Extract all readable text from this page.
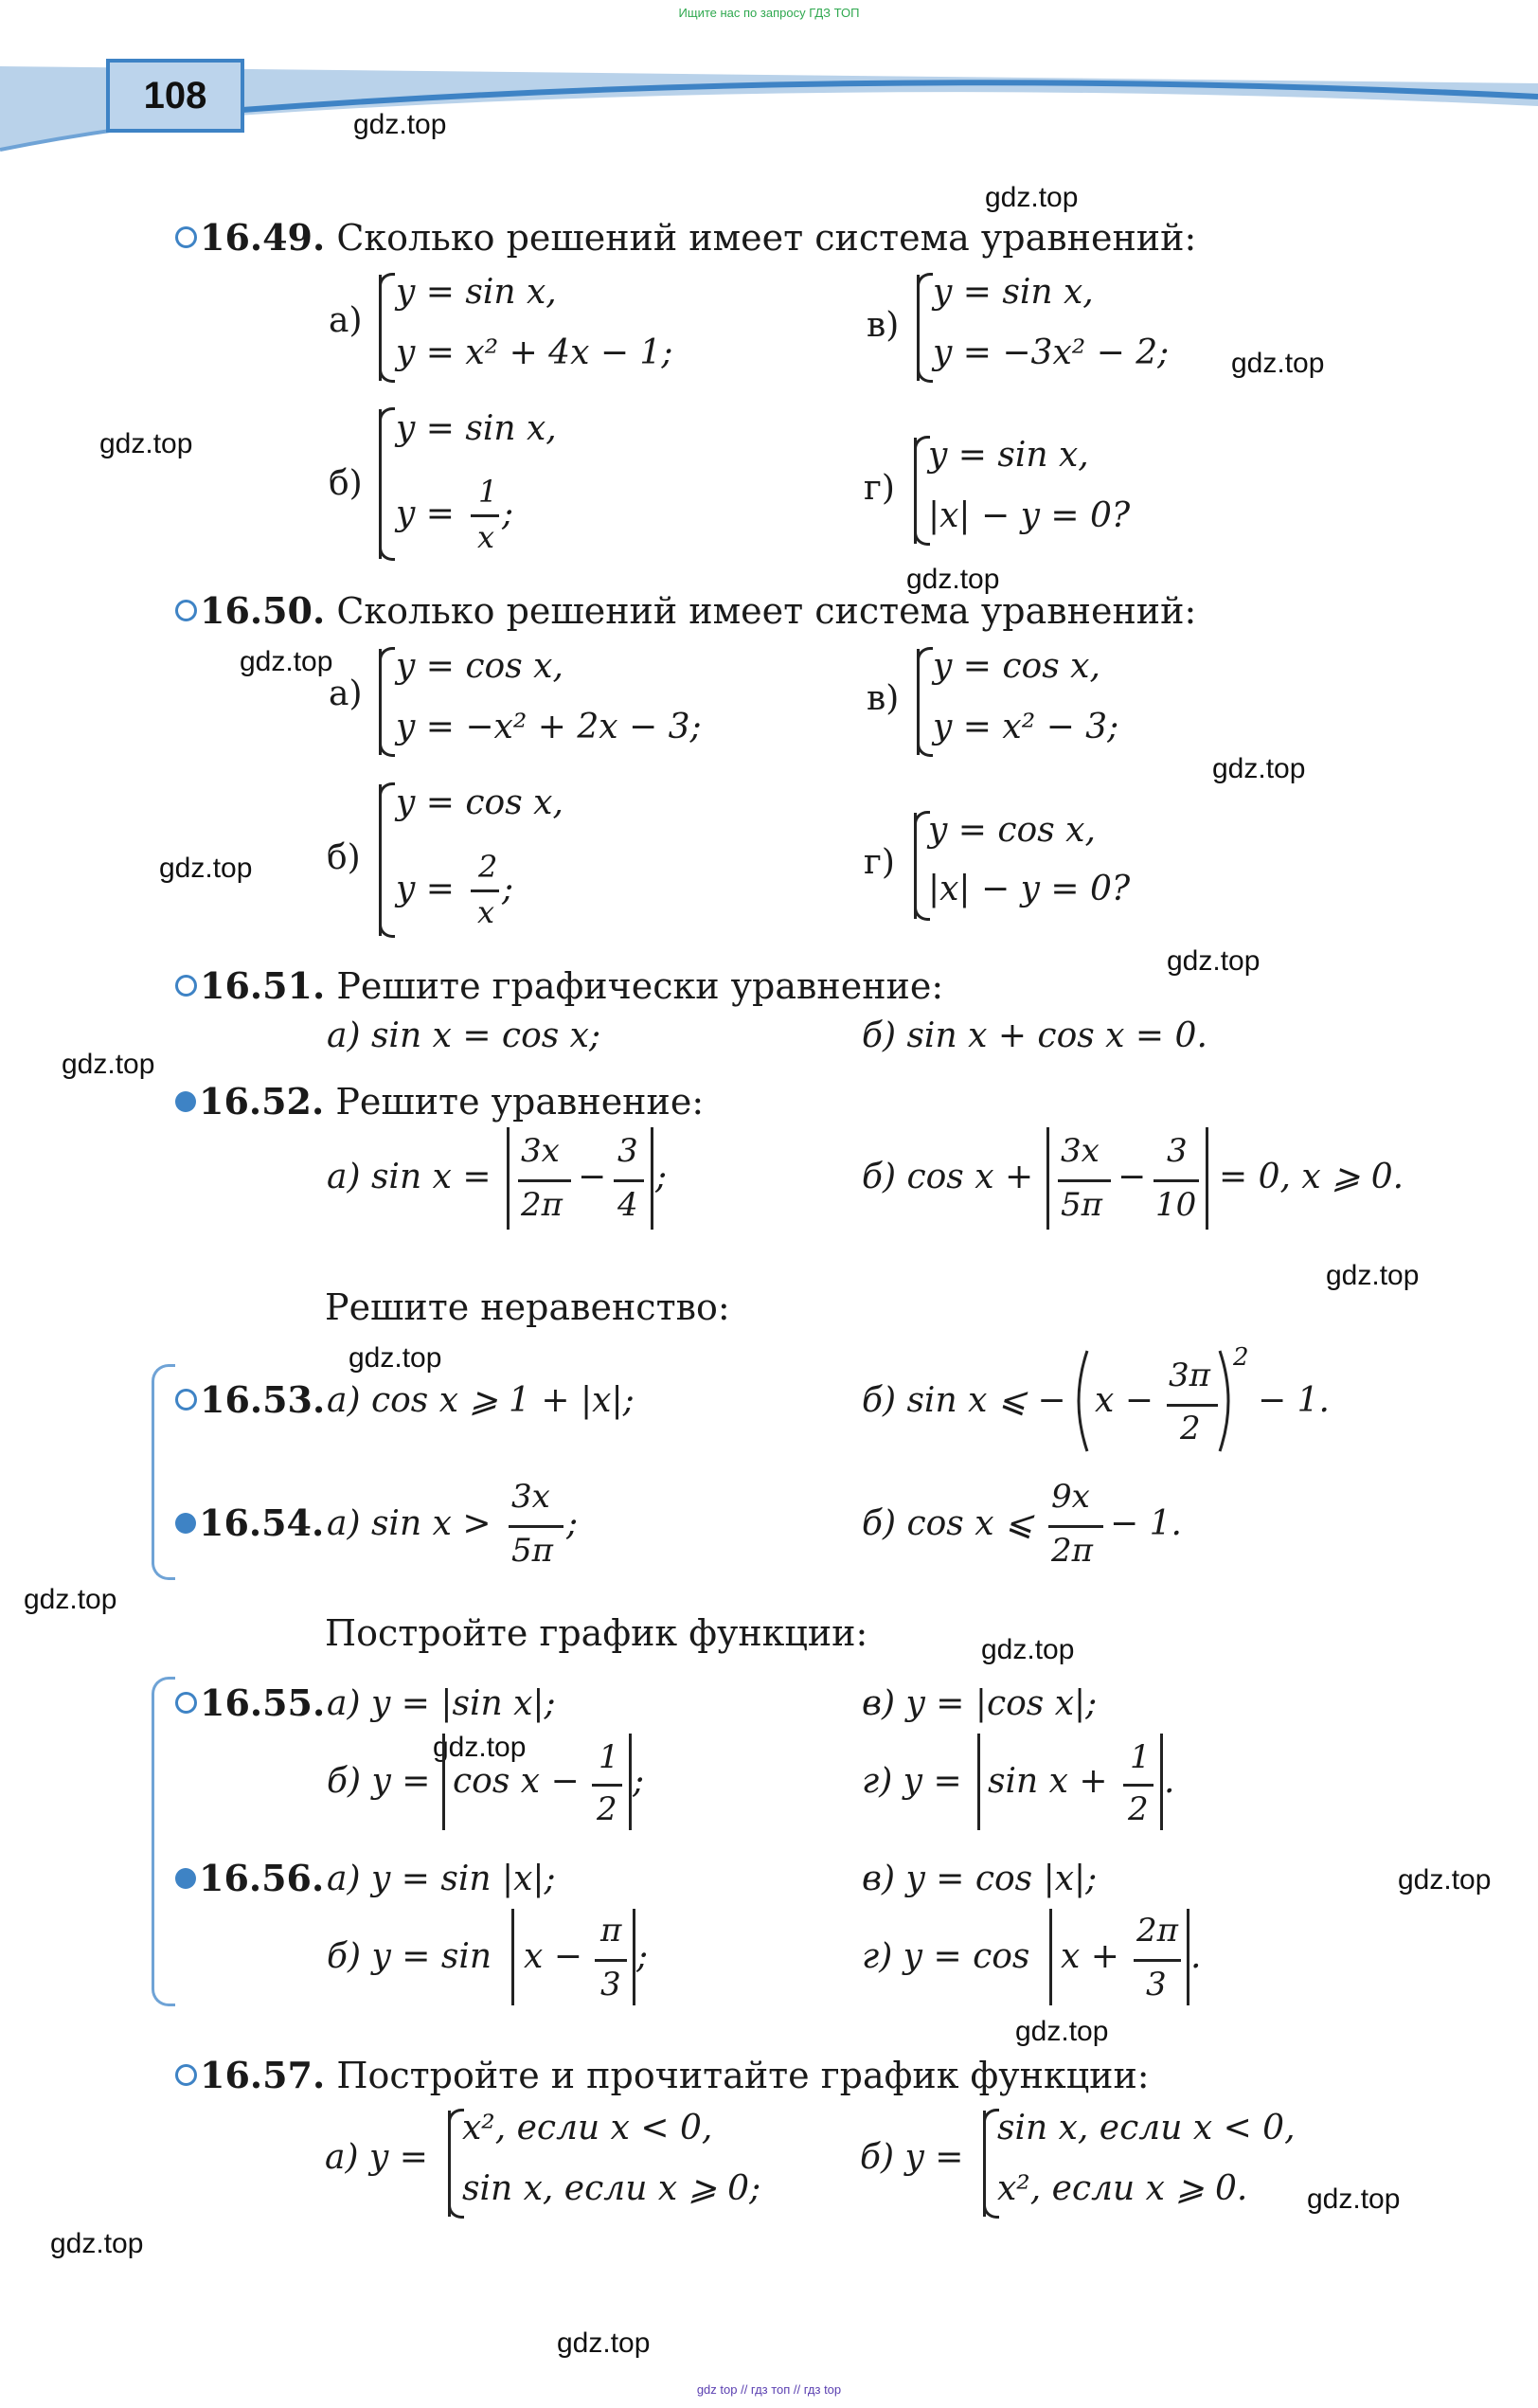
Ищите нас по запросу ГДЗ ТОП
108
gdz.top
gdz.top
gdz.top
gdz.top
gdz.top
gdz.top
gdz.top
gdz.top
gdz.top
gdz.top
gdz.top
gdz.top
gdz.top
gdz.top
gdz.top
gdz.top
gdz.top
gdz.top
gdz.top
gdz.top
16.49. Сколько решений имеет система уравнений:
а)
y = sin x,
y = x² + 4x − 1;
в)
y = sin x,
y = −3x² − 2;
б)
y = sin x,
y =
1
x
;
г)
y = sin x,
|x| − y = 0?
16.50. Сколько решений имеет система уравнений:
а)
y = cos x,
y = −x² + 2x − 3;
в)
y = cos x,
y = x² − 3;
б)
y = cos x,
y =
2
x
;
г)
y = cos x,
|x| − y = 0?
16.51. Решите графически уравнение:
а) sin x = cos x;	б) sin x + cos x = 0.
16.52. Решите уравнение:
а) sin x =
3x
2π
−
3
4
;	б) cos x +
3x
5π
−
3
10
= 0, x ⩾ 0.
Решите неравенство:
16.53. а) cos x ⩾ 1 + |x|;	б) sin x ⩽ − x −
3π
2
2
− 1.
16.54. а) sin x >
3x
5π
;	б) cos x ⩽
9x
2π
− 1.
Постройте график функции:
16.55. а) y = |sin x|;	в) y = |cos x|;
б) y = cos x −
1
2
;	г) y = sin x +
1
2
.
16.56. а) y = sin |x|;	в) y = cos |x|;
б) y = sin x −
π
3
;	г) y = cos x +
2π
3
.
16.57. Постройте и прочитайте график функции:
а) y =
x², если x < 0,
sin x, если x ⩾ 0;
б) y =
sin x, если x < 0,
x², если x ⩾ 0.
gdz top // гдз топ // гдз top
